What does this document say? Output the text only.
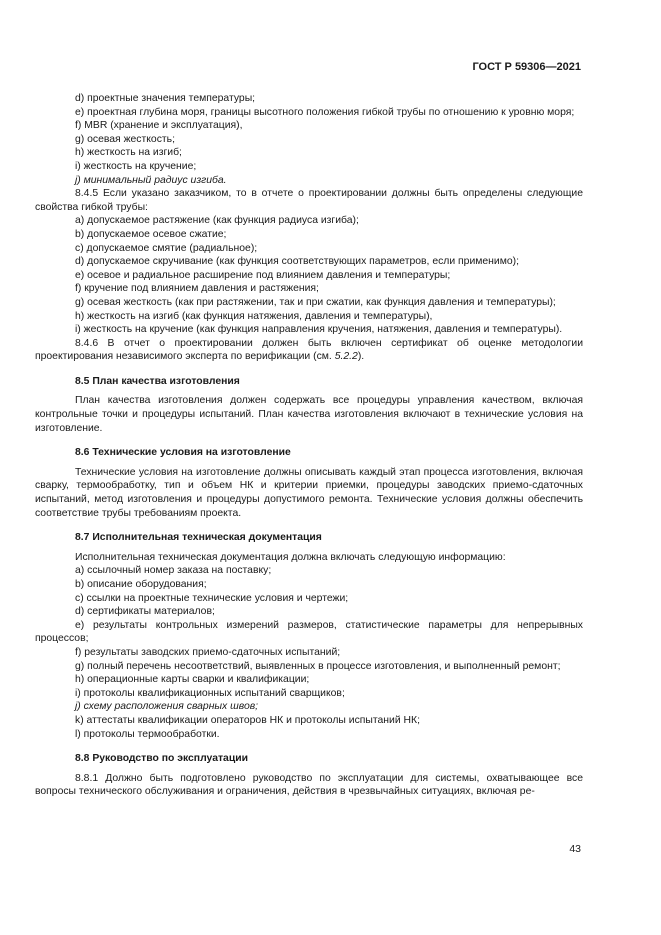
ГОСТ Р 59306—2021

d) проектные значения температуры;

e) проектная глубина моря, границы высотного положения гибкой трубы по отношению к уровню моря;

f) MBR (хранение и эксплуатация),

g) осевая жесткость;

h) жесткость на изгиб;

i) жесткость на кручение;

j) минимальный радиус изгиба.

8.4.5 Если указано заказчиком, то в отчете о проектировании должны быть определены следующие свойства гибкой трубы:

a) допускаемое растяжение (как функция радиуса изгиба);

b) допускаемое осевое сжатие;

c) допускаемое смятие (радиальное);

d) допускаемое скручивание (как функция соответствующих параметров, если применимо);

e) осевое и радиальное расширение под влиянием давления и температуры;

f) кручение под влиянием давления и растяжения;

g) осевая жесткость (как при растяжении, так и при сжатии, как функция давления и температуры);

h) жесткость на изгиб (как функция натяжения, давления и температуры),

i) жесткость на кручение (как функция направления кручения, натяжения, давления и температуры).

8.4.6 В отчет о проектировании должен быть включен сертификат об оценке методологии проектирования независимого эксперта по верификации (см. 5.2.2).

8.5 План качества изготовления

План качества изготовления должен содержать все процедуры управления качеством, включая контрольные точки и процедуры испытаний. План качества изготовления включают в технические условия на изготовление.

8.6 Технические условия на изготовление

Технические условия на изготовление должны описывать каждый этап процесса изготовления, включая сварку, термообработку, тип и объем НК и критерии приемки, процедуры заводских приемо-сдаточных испытаний, метод изготовления и процедуры допустимого ремонта. Технические условия должны обеспечить соответствие трубы требованиям проекта.

8.7 Исполнительная техническая документация

Исполнительная техническая документация должна включать следующую информацию:

a) ссылочный номер заказа на поставку;

b) описание оборудования;

c) ссылки на проектные технические условия и чертежи;

d) сертификаты материалов;

e) результаты контрольных измерений размеров, статистические параметры для непрерывных процессов;

f) результаты заводских приемо-сдаточных испытаний;

g) полный перечень несоответствий, выявленных в процессе изготовления, и выполненный ремонт;

h) операционные карты сварки и квалификации;

i) протоколы квалификационных испытаний сварщиков;

j) схему расположения сварных швов;

k) аттестаты квалификации операторов НК и протоколы испытаний НК;

l) протоколы термообработки.

8.8 Руководство по эксплуатации

8.8.1 Должно быть подготовлено руководство по эксплуатации для системы, охватывающее все вопросы технического обслуживания и ограничения, действия в чрезвычайных ситуациях, включая ре-

43
